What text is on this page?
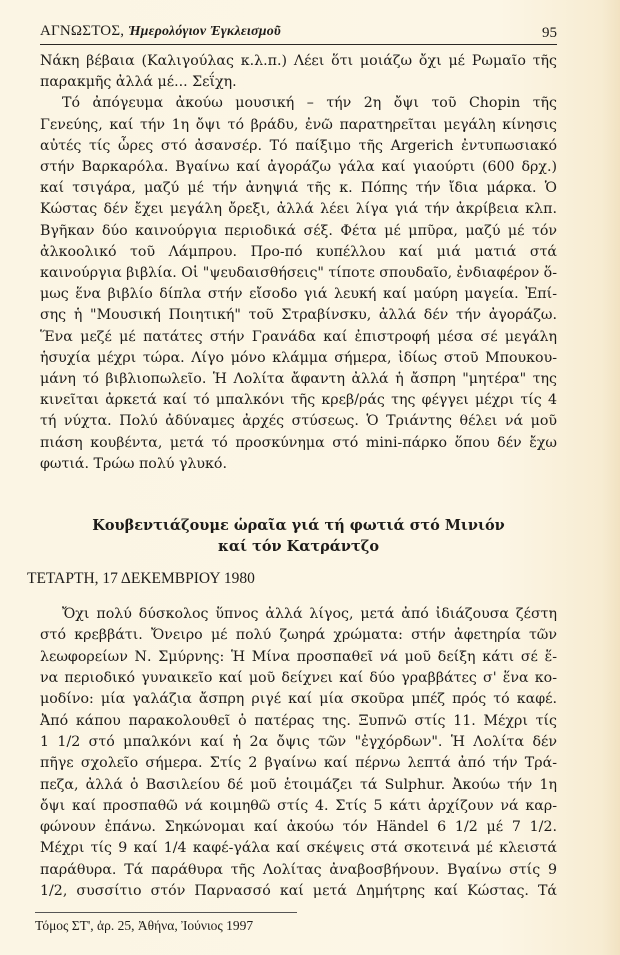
ΑΓΝΩΣΤΟΣ, Ἡμερολόγιον Ἐγκλεισμοῦ	95

Νάκη βέβαια (Καλιγούλας κ.λ.π.) Λέει ὅτι μοιάζω ὄχι μέ Ρωμαῖο τῆς
παρακμῆς ἀλλά μέ... Σεΐχη.

Τό ἀπόγευμα ἀκούω μουσική – τήν 2η ὄψι τοῦ Chopin τῆς
Γενεύης, καί τήν 1η ὄψι τό βράδυ, ἐνῶ παρατηρεῖται μεγάλη κίνησις
αὐτές τίς ὧρες στό ἀσανσέρ. Τό παίξιμο τῆς Argerich ἐντυπωσιακό
στήν Βαρκαρόλα. Βγαίνω καί ἀγοράζω γάλα καί γιαούρτι (600 δρχ.)
καί τσιγάρα, μαζύ μέ τήν ἀνηψιά τῆς κ. Πόπης τήν ἴδια μάρκα. Ὁ
Κώστας δέν ἔχει μεγάλη ὄρεξι, ἀλλά λέει λίγα γιά τήν ἀκρίβεια κλπ.
Βγῆκαν δύο καινούργια περιοδικά σέξ. Φέτα μέ μπῦρα, μαζύ μέ τόν
ἀλκοολικό τοῦ Λάμπρου. Προ-πό κυπέλλου καί μιά ματιά στά
καινούργια βιβλία. Οἱ "ψευδαισθήσεις" τίποτε σπουδαῖο, ἐνδιαφέρον ὅ-
μως ἕνα βιβλίο δίπλα στήν εἴσοδο γιά λευκή καί μαύρη μαγεία. Ἐπί-
σης ἡ "Μουσική Ποιητική" τοῦ Στραβίνσκυ, ἀλλά δέν τήν ἀγοράζω.
Ἕνα μεζέ μέ πατάτες στήν Γρανάδα καί ἐπιστροφή μέσα σέ μεγάλη
ἡσυχία μέχρι τώρα. Λίγο μόνο κλάμμα σήμερα, ἰδίως στοῦ Μπουκου-
μάνη τό βιβλιοπωλεῖο. Ἡ Λολίτα ἄφαντη ἀλλά ἡ ἄσπρη "μητέρα" της
κινεῖται ἀρκετά καί τό μπαλκόνι τῆς κρεβ/ράς της φέγγει μέχρι τίς 4
τή νύχτα. Πολύ ἀδύναμες ἀρχές στύσεως. Ὁ Τριάντης θέλει νά μοῦ
πιάση κουβέντα, μετά τό προσκύνημα στό mini-πάρκο ὅπου δέν ἔχω
φωτιά. Τρώω πολύ γλυκό.

Κουβεντιάζουμε ὡραῖα γιά τή φωτιά στό Μινιόν
καί τόν Κατράντζο
ΤΕΤΑΡΤΗ, 17 ΔΕΚΕΜΒΡΙΟΥ 1980

Ὄχι πολύ δύσκολος ὕπνος ἀλλά λίγος, μετά ἀπό ἰδιάζουσα ζέστη
στό κρεββάτι. Ὄνειρο μέ πολύ ζωηρά χρώματα: στήν ἀφετηρία τῶν
λεωφορείων Ν. Σμύρνης: Ἡ Μίνα προσπαθεῖ νά μοῦ δείξη κάτι σέ ἕ-
να περιοδικό γυναικεῖο καί μοῦ δείχνει καί δύο γραββάτες σ' ἕνα κο-
μοδίνο: μία γαλάζια ἄσπρη ριγέ καί μία σκοῦρα μπέζ πρός τό καφέ.
Ἀπό κάπου παρακολουθεῖ ὁ πατέρας της. Ξυπνῶ στίς 11. Μέχρι τίς
1 1/2 στό μπαλκόνι καί ἡ 2α ὄψις τῶν "ἐγχόρδων". Ἡ Λολίτα δέν
πῆγε σχολεῖο σήμερα. Στίς 2 βγαίνω καί πέρνω λεπτά ἀπό τήν Τρά-
πεζα, ἀλλά ὁ Βασιλείου δέ μοῦ ἑτοιμάζει τά Sulphur. Ἀκούω τήν 1η
ὄψι καί προσπαθῶ νά κοιμηθῶ στίς 4. Στίς 5 κάτι ἀρχίζουν νά καρ-
φώνουν ἐπάνω. Σηκώνομαι καί ἀκούω τόν Händel 6 1/2 μέ 7 1/2.
Μέχρι τίς 9 καί 1/4 καφέ-γάλα καί σκέψεις στά σκοτεινά μέ κλειστά
παράθυρα. Τά παράθυρα τῆς Λολίτας ἀναβοσβήνουν. Βγαίνω στίς 9
1/2, συσσίτιο στόν Παρνασσό καί μετά Δημήτρης καί Κώστας. Τά

Τόμος ΣΤ', ἀρ. 25, Ἀθήνα, Ἰούνιος 1997
